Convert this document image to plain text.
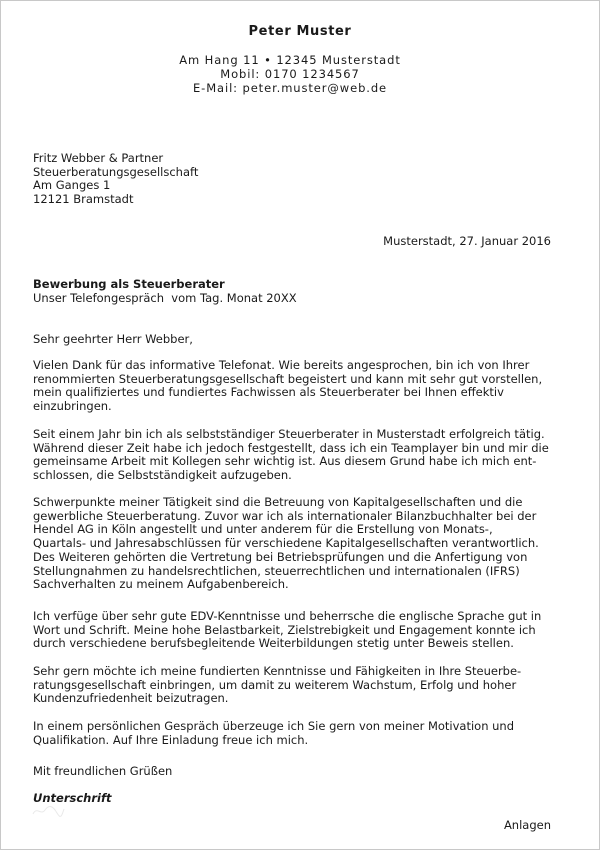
Peter Muster
Am Hang 11 • 12345 Musterstadt
Mobil: 0170 1234567
E-Mail: peter.muster@web.de
Fritz Webber & Partner
Steuerberatungsgesellschaft
Am Ganges 1
12121 Bramstadt
Musterstadt, 27. Januar 2016
Bewerbung als Steuerberater
Unser Telefongespräch  vom Tag. Monat 20XX
Sehr geehrter Herr Webber,
Vielen Dank für das informative Telefonat. Wie bereits angesprochen, bin ich von Ihrer
renommierten Steuerberatungsgesellschaft begeistert und kann mit sehr gut vorstellen,
mein qualifiziertes und fundiertes Fachwissen als Steuerberater bei Ihnen effektiv
einzubringen.
Seit einem Jahr bin ich als selbstständiger Steuerberater in Musterstadt erfolgreich tätig.
Während dieser Zeit habe ich jedoch festgestellt, dass ich ein Teamplayer bin und mir die
gemeinsame Arbeit mit Kollegen sehr wichtig ist. Aus diesem Grund habe ich mich ent-
schlossen, die Selbstständigkeit aufzugeben.
Schwerpunkte meiner Tätigkeit sind die Betreuung von Kapitalgesellschaften und die
gewerbliche Steuerberatung. Zuvor war ich als internationaler Bilanzbuchhalter bei der
Hendel AG in Köln angestellt und unter anderem für die Erstellung von Monats-,
Quartals- und Jahresabschlüssen für verschiedene Kapitalgesellschaften verantwortlich.
Des Weiteren gehörten die Vertretung bei Betriebsprüfungen und die Anfertigung von
Stellungnahmen zu handelsrechtlichen, steuerrechtlichen und internationalen (IFRS)
Sachverhalten zu meinem Aufgabenbereich.
Ich verfüge über sehr gute EDV-Kenntnisse und beherrsche die englische Sprache gut in
Wort und Schrift. Meine hohe Belastbarkeit, Zielstrebigkeit und Engagement konnte ich
durch verschiedene berufsbegleitende Weiterbildungen stetig unter Beweis stellen.
Sehr gern möchte ich meine fundierten Kenntnisse und Fähigkeiten in Ihre Steuerbe-
ratungsgesellschaft einbringen, um damit zu weiterem Wachstum, Erfolg und hoher
Kundenzufriedenheit beizutragen.
In einem persönlichen Gespräch überzeuge ich Sie gern von meiner Motivation und
Qualifikation. Auf Ihre Einladung freue ich mich.
Mit freundlichen Grüßen
Unterschrift
Anlagen
